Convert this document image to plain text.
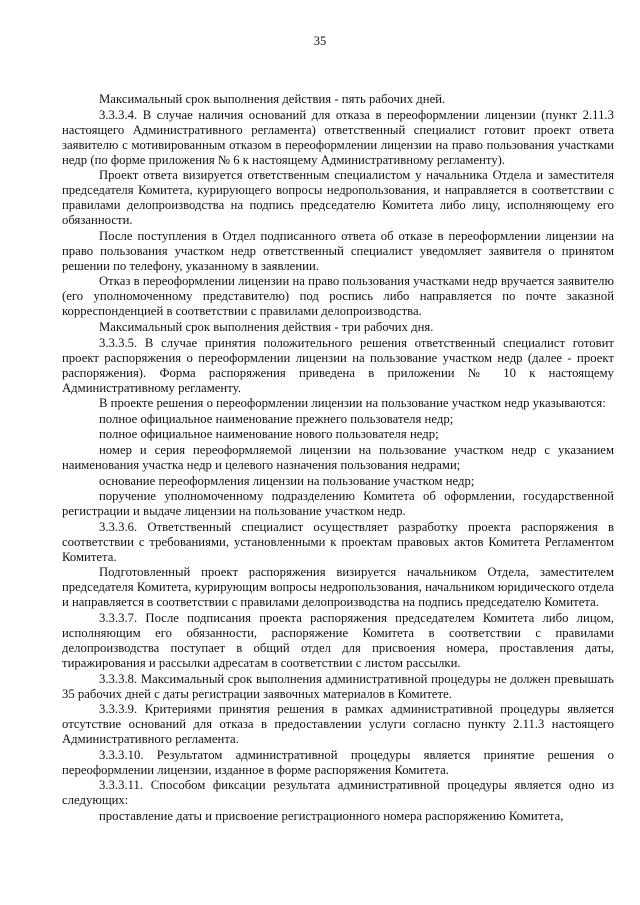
35

Максимальный срок выполнения действия - пять рабочих дней.

3.3.3.4. В случае наличия оснований для отказа в переоформлении лицензии (пункт 2.11.3 настоящего Административного регламента) ответственный специалист готовит проект ответа заявителю с мотивированным отказом в переоформлении лицензии на право пользования участками недр (по форме приложения № 6 к настоящему Административному регламенту).

Проект ответа визируется ответственным специалистом у начальника Отдела и заместителя председателя Комитета, курирующего вопросы недропользования, и направляется в соответствии с правилами делопроизводства на подпись председателю Комитета либо лицу, исполняющему его обязанности.

После поступления в Отдел подписанного ответа об отказе в переоформлении лицензии на право пользования участком недр ответственный специалист уведомляет заявителя о принятом решении по телефону, указанному в заявлении.

Отказ в переоформлении лицензии на право пользования участками недр вручается заявителю (его уполномоченному представителю) под роспись либо направляется по почте заказной корреспонденцией в соответствии с правилами делопроизводства.

Максимальный срок выполнения действия - три рабочих дня.

3.3.3.5. В случае принятия положительного решения ответственный специалист готовит проект распоряжения о переоформлении лицензии на пользование участком недр (далее - проект распоряжения). Форма распоряжения приведена в приложении № 10 к настоящему Административному регламенту.

В проекте решения о переоформлении лицензии на пользование участком недр указываются:

полное официальное наименование прежнего пользователя недр;

полное официальное наименование нового пользователя недр;

номер и серия переоформляемой лицензии на пользование участком недр с указанием наименования участка недр и целевого назначения пользования недрами;

основание переоформления лицензии на пользование участком недр;

поручение уполномоченному подразделению Комитета об оформлении, государственной регистрации и выдаче лицензии на пользование участком недр.

3.3.3.6. Ответственный специалист осуществляет разработку проекта распоряжения в соответствии с требованиями, установленными к проектам правовых актов Комитета Регламентом Комитета.

Подготовленный проект распоряжения визируется начальником Отдела, заместителем председателя Комитета, курирующим вопросы недропользования, начальником юридического отдела и направляется в соответствии с правилами делопроизводства на подпись председателю Комитета.

3.3.3.7. После подписания проекта распоряжения председателем Комитета либо лицом, исполняющим его обязанности, распоряжение Комитета в соответствии с правилами делопроизводства поступает в общий отдел для присвоения номера, проставления даты, тиражирования и рассылки адресатам в соответствии с листом рассылки.

3.3.3.8. Максимальный срок выполнения административной процедуры не должен превышать 35 рабочих дней с даты регистрации заявочных материалов в Комитете.

3.3.3.9. Критериями принятия решения в рамках административной процедуры является отсутствие оснований для отказа в предоставлении услуги согласно пункту 2.11.3 настоящего Административного регламента.

3.3.3.10. Результатом административной процедуры является принятие решения о переоформлении лицензии, изданное в форме распоряжения Комитета.

3.3.3.11. Способом фиксации результата административной процедуры является одно из следующих:

проставление даты и присвоение регистрационного номера распоряжению Комитета,
